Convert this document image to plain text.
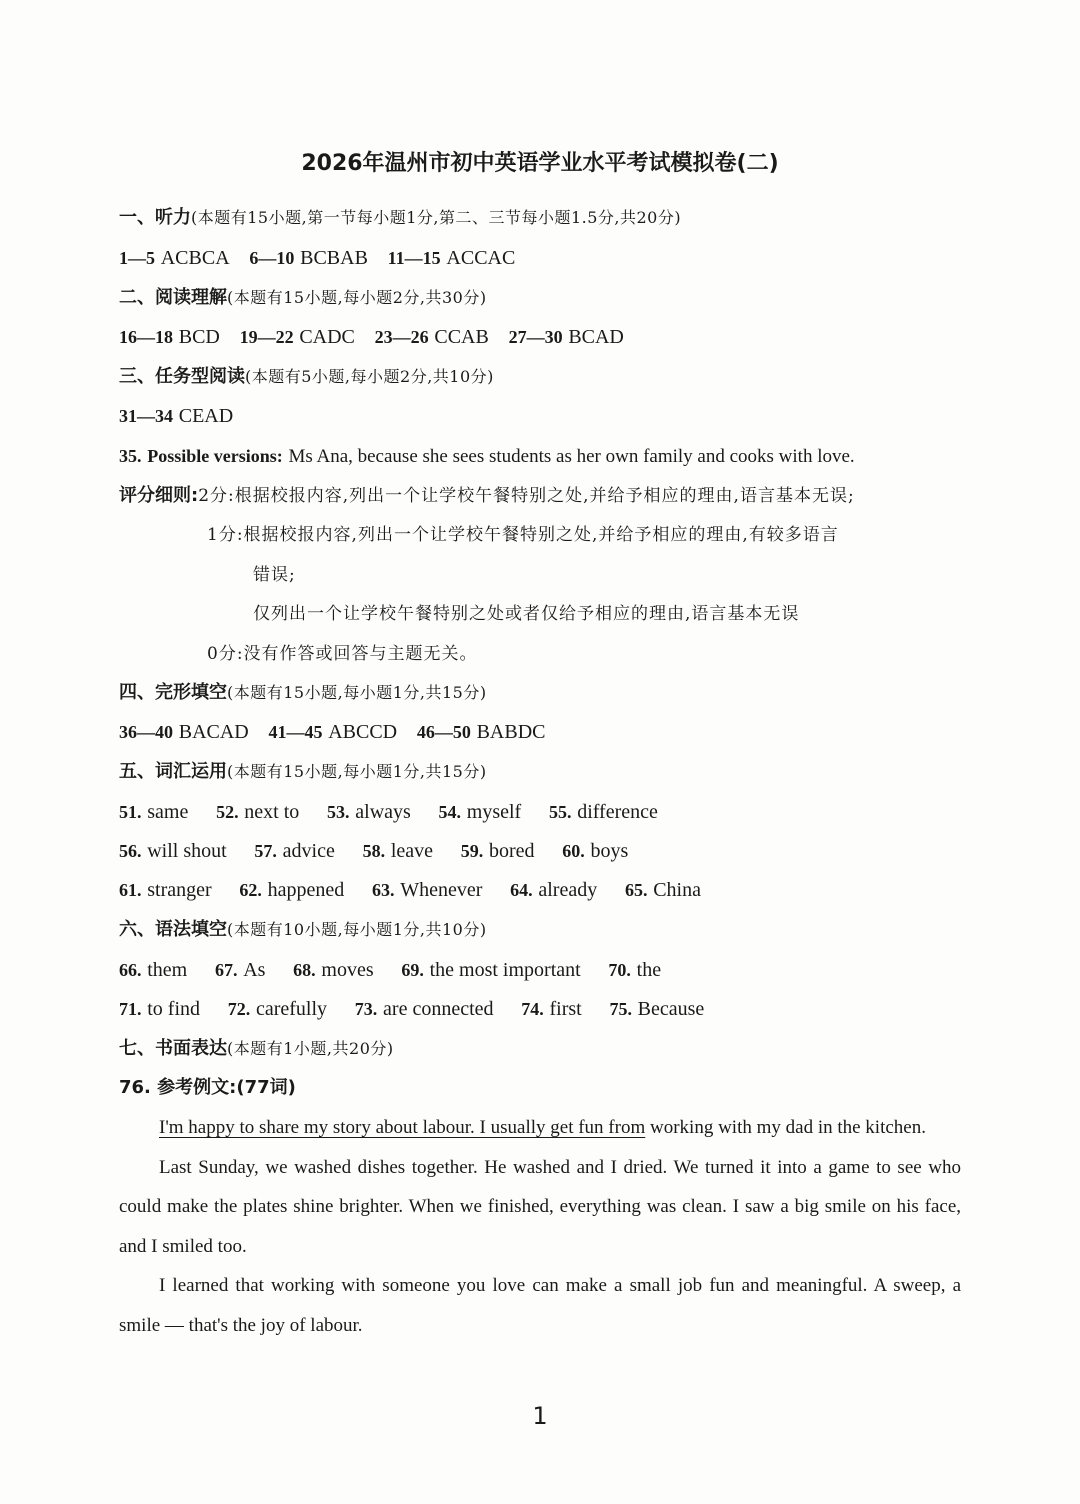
2026年温州市初中英语学业水平考试模拟卷(二)
一、听力(本题有15小题,第一节每小题1分,第二、三节每小题1.5分,共20分)
1—5 ACBCA 6—10 BCBAB 11—15 ACCAC
二、阅读理解(本题有15小题,每小题2分,共30分)
16—18 BCD 19—22 CADC 23—26 CCAB 27—30 BCAD
三、任务型阅读(本题有5小题,每小题2分,共10分)
31—34 CEAD
35. Possible versions: Ms Ana, because she sees students as her own family and cooks with love.
评分细则:2分:根据校报内容,列出一个让学校午餐特别之处,并给予相应的理由,语言基本无误;
1分:根据校报内容,列出一个让学校午餐特别之处,并给予相应的理由,有较多语言
错误;
仅列出一个让学校午餐特别之处或者仅给予相应的理由,语言基本无误
0分:没有作答或回答与主题无关。
四、完形填空(本题有15小题,每小题1分,共15分)
36—40 BACAD 41—45 ABCCD 46—50 BABDC
五、词汇运用(本题有15小题,每小题1分,共15分)
51. same 52. next to 53. always 54. myself 55. difference
56. will shout 57. advice 58. leave 59. bored 60. boys
61. stranger 62. happened 63. Whenever 64. already 65. China
六、语法填空(本题有10小题,每小题1分,共10分)
66. them 67. As 68. moves 69. the most important 70. the
71. to find 72. carefully 73. are connected 74. first 75. Because
七、书面表达(本题有1小题,共20分)
76. 参考例文:(77词)

I'm happy to share my story about labour. I usually get fun from working with my dad in the kitchen.

Last Sunday, we washed dishes together. He washed and I dried. We turned it into a game to see who could make the plates shine brighter. When we finished, everything was clean. I saw a big smile on his face, and I smiled too.

I learned that working with someone you love can make a small job fun and meaningful. A sweep, a smile — that's the joy of labour.

1
